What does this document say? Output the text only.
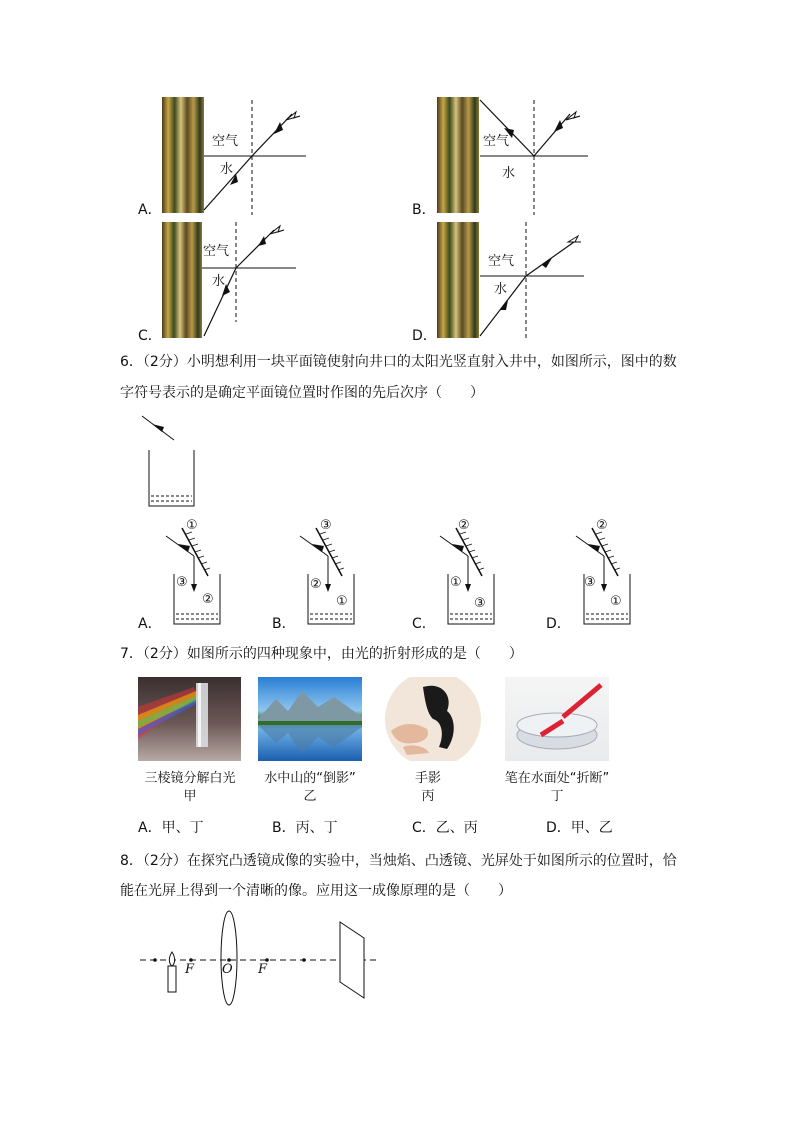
空气
水
A．
空气
水
B．
空气
水
C．
空气
水
D．
6．（2分）小明想利用一块平面镜使射向井口的太阳光竖直射入井中，如图所示，图中的数
字符号表示的是确定平面镜位置时作图的先后次序（　　）
①
③
②
A．
③
②
①
B．
②
①
③
C．
②
③
①
D．
7．（2分）如图所示的四种现象中，由光的折射形成的是（　　）
三棱镜分解白光
甲
水中山的“倒影”
乙
手影
丙
笔在水面处“折断”
丁
A．甲、丁	B．丙、丁	C．乙、丙	D．甲、乙
8．（2分）在探究凸透镜成像的实验中，当烛焰、凸透镜、光屏处于如图所示的位置时，恰
能在光屏上得到一个清晰的像。应用这一成像原理的是（　　）
F O F
